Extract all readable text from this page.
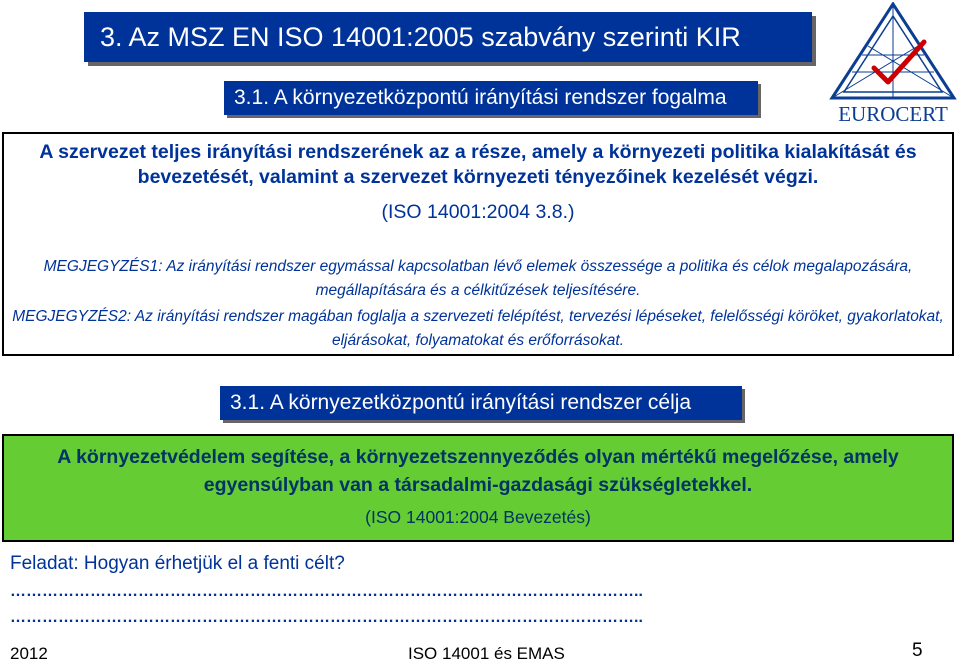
3. Az MSZ EN ISO 14001:2005 szabvány szerinti KIR
3.1. A környezetközpontú irányítási rendszer fogalma
EUROCERT
A szervezet teljes irányítási rendszerének az a része, amely a környezeti politika kialakítását és bevezetését, valamint a szervezet környezeti tényezőinek kezelését végzi.
(ISO 14001:2004 3.8.)
MEGJEGYZÉS1: Az irányítási rendszer egymással kapcsolatban lévő elemek összessége a politika és célok megalapozására, megállapítására és a célkitűzések teljesítésére.
MEGJEGYZÉS2: Az irányítási rendszer magában foglalja a szervezeti felépítést, tervezési lépéseket, felelősségi köröket, gyakorlatokat, eljárásokat, folyamatokat és erőforrásokat.
3.1. A környezetközpontú irányítási rendszer célja
A környezetvédelem segítése, a környezetszennyeződés olyan mértékű megelőzése, amely egyensúlyban van a társadalmi-gazdasági szükségletekkel.
(ISO 14001:2004 Bevezetés)
Feladat: Hogyan érhetjük el a fenti célt?
………………………………………………………………………………………………………..
………………………………………………………………………………………………………..
2012	ISO 14001 és EMAS	5
